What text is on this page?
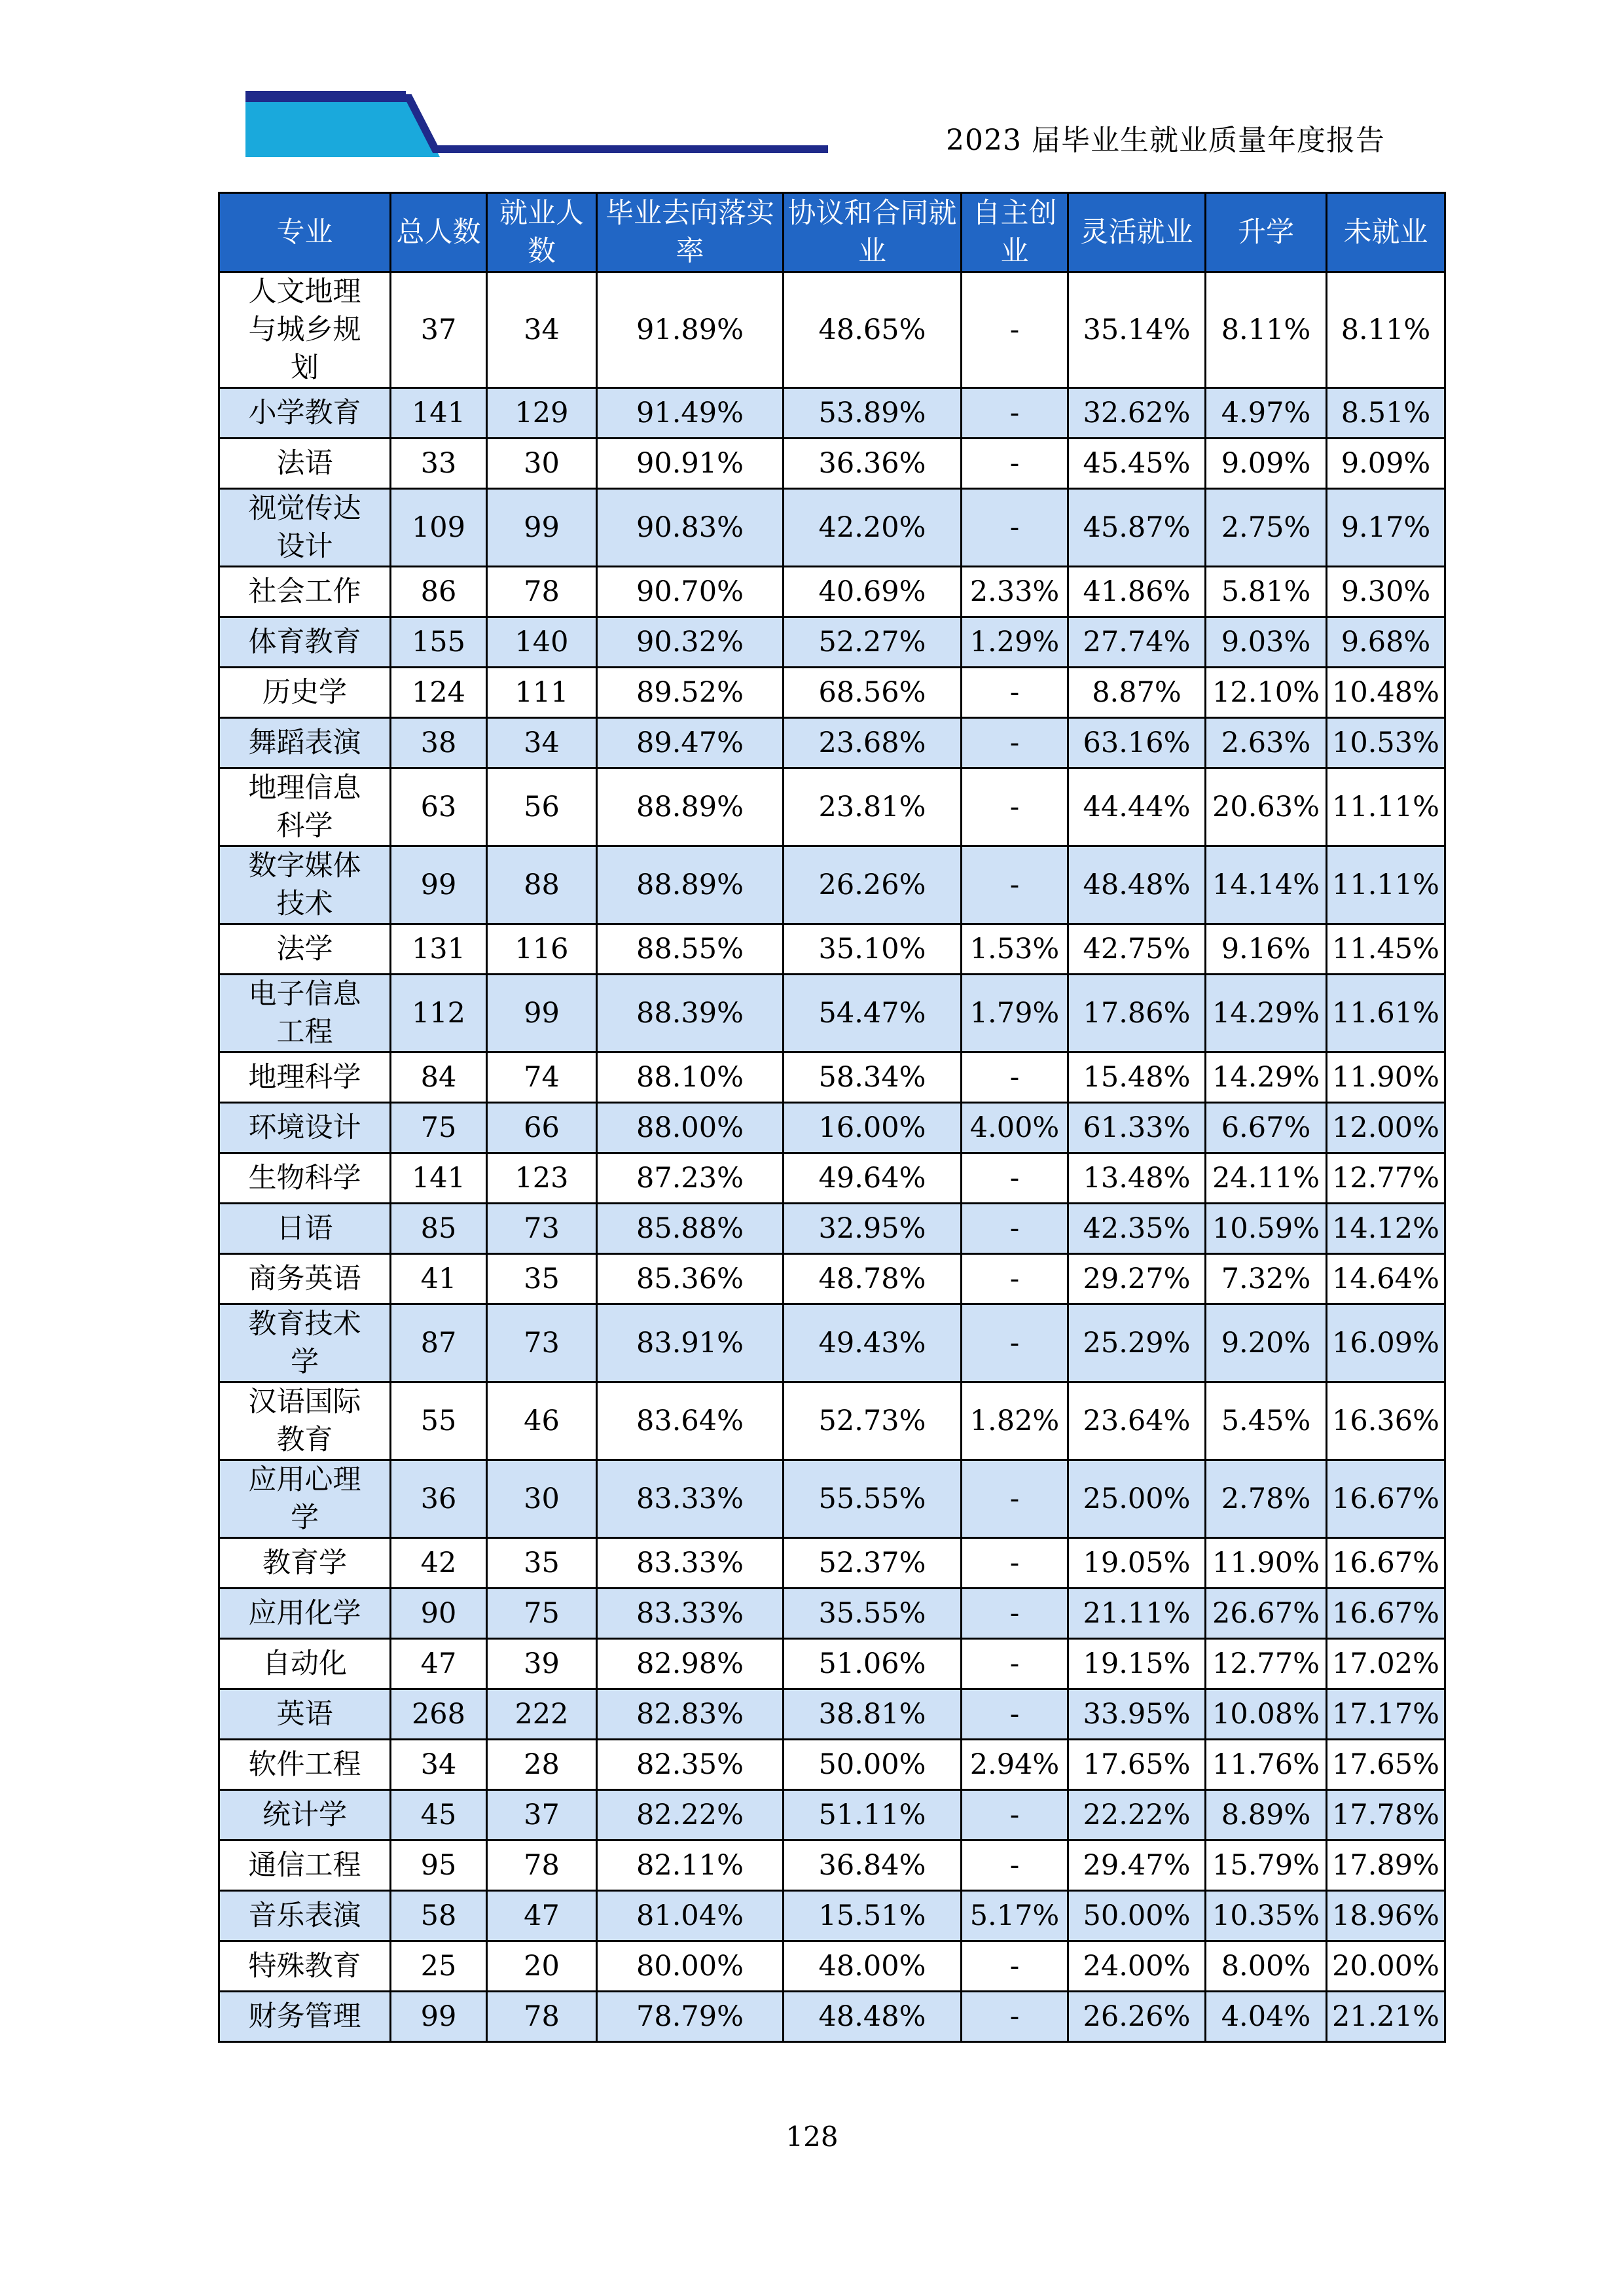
2023 届毕业生就业质量年度报告
专业	总人数	就业人数	毕业去向落实率	协议和合同就业	自主创业	灵活就业	升学	未就业
人文地理与城乡规划	37	34	91.89%	48.65%	-	35.14%	8.11%	8.11%
小学教育	141	129	91.49%	53.89%	-	32.62%	4.97%	8.51%
法语	33	30	90.91%	36.36%	-	45.45%	9.09%	9.09%
视觉传达设计	109	99	90.83%	42.20%	-	45.87%	2.75%	9.17%
社会工作	86	78	90.70%	40.69%	2.33%	41.86%	5.81%	9.30%
体育教育	155	140	90.32%	52.27%	1.29%	27.74%	9.03%	9.68%
历史学	124	111	89.52%	68.56%	-	8.87%	12.10%	10.48%
舞蹈表演	38	34	89.47%	23.68%	-	63.16%	2.63%	10.53%
地理信息科学	63	56	88.89%	23.81%	-	44.44%	20.63%	11.11%
数字媒体技术	99	88	88.89%	26.26%	-	48.48%	14.14%	11.11%
法学	131	116	88.55%	35.10%	1.53%	42.75%	9.16%	11.45%
电子信息工程	112	99	88.39%	54.47%	1.79%	17.86%	14.29%	11.61%
地理科学	84	74	88.10%	58.34%	-	15.48%	14.29%	11.90%
环境设计	75	66	88.00%	16.00%	4.00%	61.33%	6.67%	12.00%
生物科学	141	123	87.23%	49.64%	-	13.48%	24.11%	12.77%
日语	85	73	85.88%	32.95%	-	42.35%	10.59%	14.12%
商务英语	41	35	85.36%	48.78%	-	29.27%	7.32%	14.64%
教育技术学	87	73	83.91%	49.43%	-	25.29%	9.20%	16.09%
汉语国际教育	55	46	83.64%	52.73%	1.82%	23.64%	5.45%	16.36%
应用心理学	36	30	83.33%	55.55%	-	25.00%	2.78%	16.67%
教育学	42	35	83.33%	52.37%	-	19.05%	11.90%	16.67%
应用化学	90	75	83.33%	35.55%	-	21.11%	26.67%	16.67%
自动化	47	39	82.98%	51.06%	-	19.15%	12.77%	17.02%
英语	268	222	82.83%	38.81%	-	33.95%	10.08%	17.17%
软件工程	34	28	82.35%	50.00%	2.94%	17.65%	11.76%	17.65%
统计学	45	37	82.22%	51.11%	-	22.22%	8.89%	17.78%
通信工程	95	78	82.11%	36.84%	-	29.47%	15.79%	17.89%
音乐表演	58	47	81.04%	15.51%	5.17%	50.00%	10.35%	18.96%
特殊教育	25	20	80.00%	48.00%	-	24.00%	8.00%	20.00%
财务管理	99	78	78.79%	48.48%	-	26.26%	4.04%	21.21%
128
